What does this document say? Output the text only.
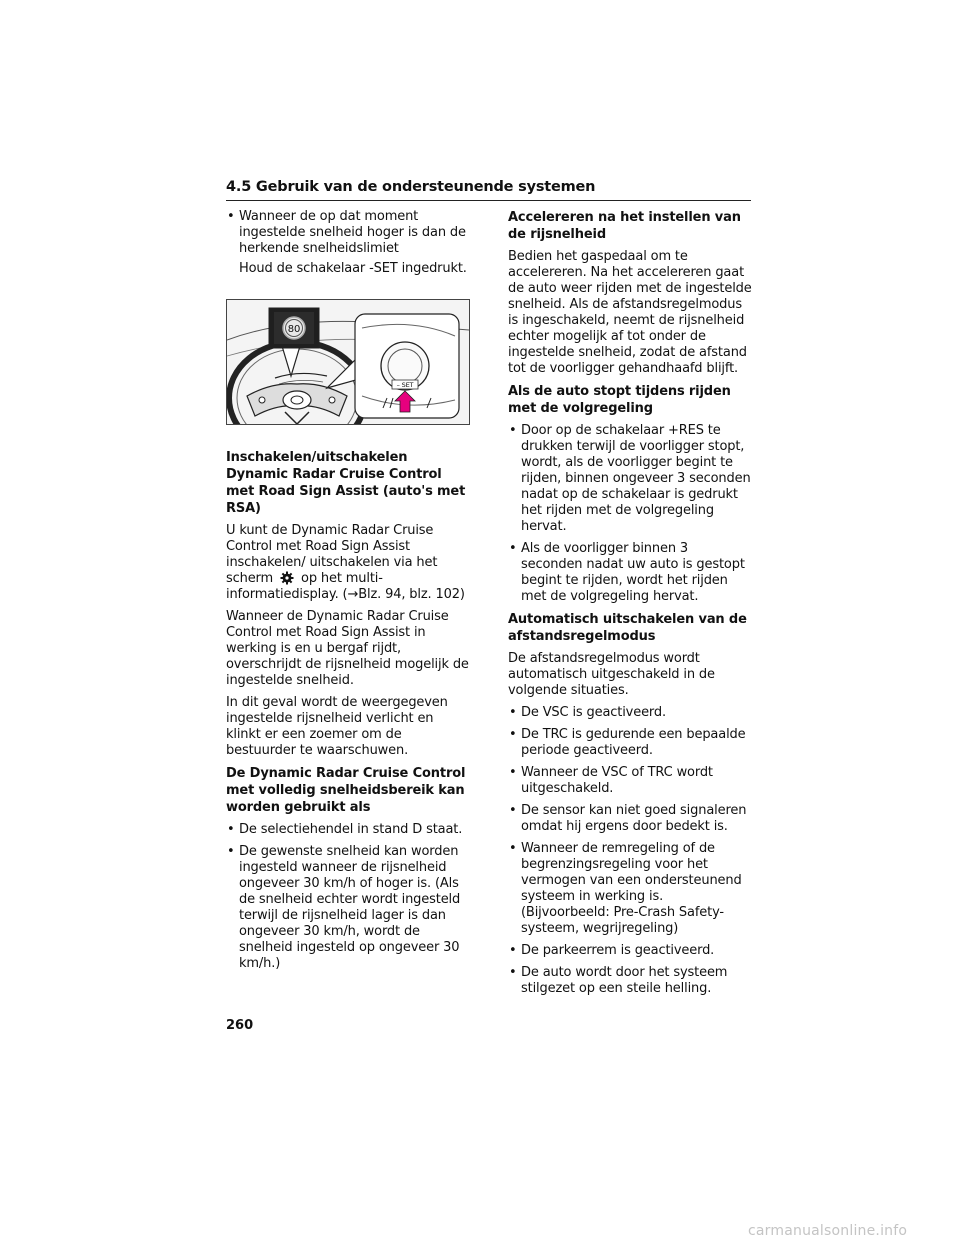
4.5 Gebruik van de ondersteunende systemen
• Wanneer de op dat moment ingestelde snelheid hoger is dan de herkende snelheidslimiet
Houd de schakelaar -SET ingedrukt.
80
– SET
Inschakelen/uitschakelen Dynamic Radar Cruise Control met Road Sign Assist (auto's met RSA)

U kunt de Dynamic Radar Cruise Control met Road Sign Assist inschakelen/ uitschakelen via het scherm op het multi-informatiedisplay. (→Blz. 94, blz. 102)

Wanneer de Dynamic Radar Cruise Control met Road Sign Assist in werking is en u bergaf rijdt, overschrijdt de rijsnelheid mogelijk de ingestelde snelheid.

In dit geval wordt de weergegeven ingestelde rijsnelheid verlicht en klinkt er een zoemer om de bestuurder te waarschuwen.

De Dynamic Radar Cruise Control met volledig snelheidsbereik kan worden gebruikt als
• De selectiehendel in stand D staat.
• De gewenste snelheid kan worden ingesteld wanneer de rijsnelheid ongeveer 30 km/h of hoger is. (Als de snelheid echter wordt ingesteld terwijl de rijsnelheid lager is dan ongeveer 30 km/h, wordt de snelheid ingesteld op ongeveer 30 km/h.)
Accelereren na het instellen van de rijsnelheid

Bedien het gaspedaal om te accelereren. Na het accelereren gaat de auto weer rijden met de ingestelde snelheid. Als de afstandsregelmodus is ingeschakeld, neemt de rijsnelheid echter mogelijk af tot onder de ingestelde snelheid, zodat de afstand tot de voorligger gehandhaafd blijft.

Als de auto stopt tijdens rijden met de volgregeling
• Door op de schakelaar +RES te drukken terwijl de voorligger stopt, wordt, als de voorligger begint te rijden, binnen ongeveer 3 seconden nadat op de schakelaar is gedrukt het rijden met de volgregeling hervat.
• Als de voorligger binnen 3 seconden nadat uw auto is gestopt begint te rijden, wordt het rijden met de volgregeling hervat.
Automatisch uitschakelen van de afstandsregelmodus

De afstandsregelmodus wordt automatisch uitgeschakeld in de volgende situaties.

• De VSC is geactiveerd.
• De TRC is gedurende een bepaalde periode geactiveerd.
• Wanneer de VSC of TRC wordt uitgeschakeld.
• De sensor kan niet goed signaleren omdat hij ergens door bedekt is.
• Wanneer de remregeling of de begrenzingsregeling voor het vermogen van een ondersteunend systeem in werking is. (Bijvoorbeeld: Pre-Crash Safety-systeem, wegrijregeling)
• De parkeerrem is geactiveerd.
• De auto wordt door het systeem stilgezet op een steile helling.
260
carmanualsonline.info
